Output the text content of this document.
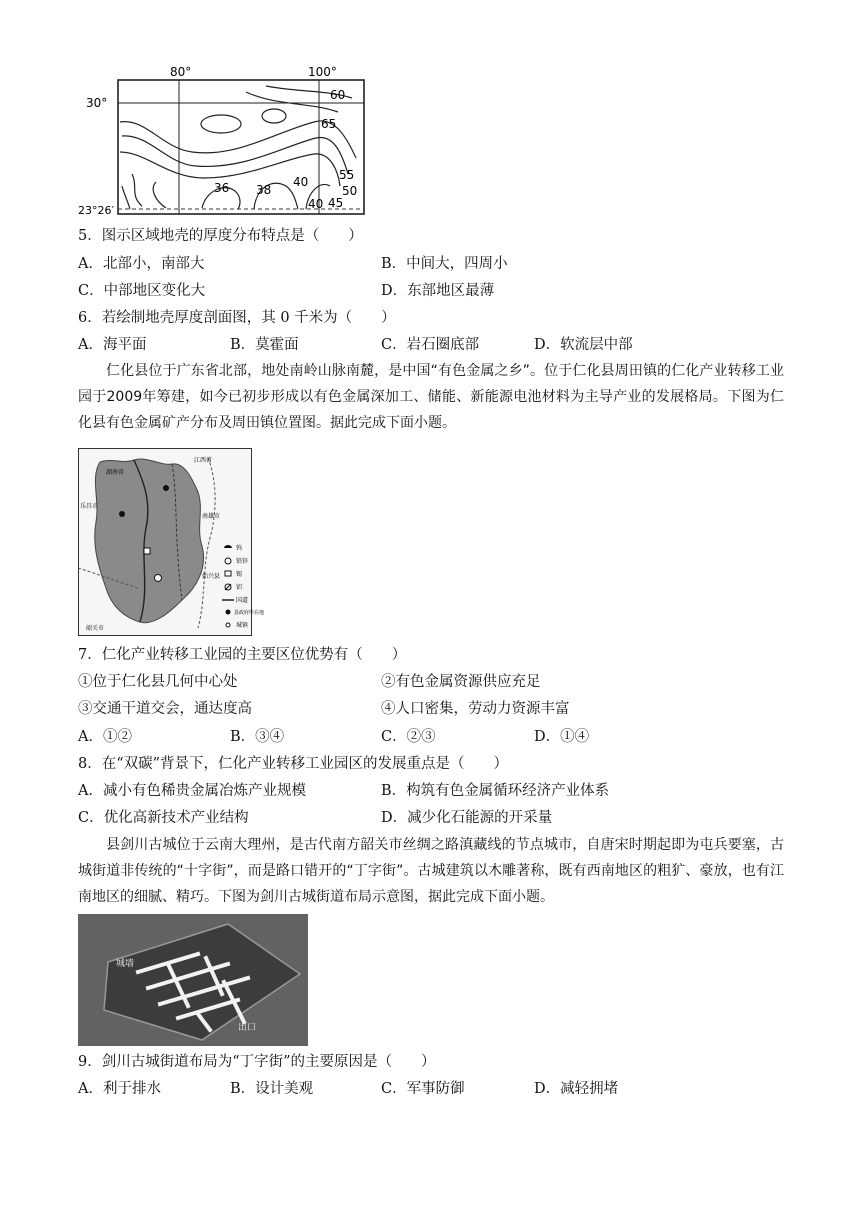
80°	100°
30°
23°26′
60
65
36 38
40	55
50
45
40
5．图示区域地壳的厚度分布特点是（　　）
A．北部小，南部大	B．中间大，四周小
C．中部地区变化大	D．东部地区最薄
6．若绘制地壳厚度剖面图，其 0 千米为（　　）
A．海平面	B．莫霍面	C．岩石圈底部	D．软流层中部
仁化县位于广东省北部，地处南岭山脉南麓，是中国“有色金属之乡”。位于仁化县周田镇的仁化产业转移工业园于2009年筹建，如今已初步形成以有色金属深加工、储能、新能源电池材料为主导产业的发展格局。下图为仁化县有色金属矿产分布及周田镇位置图。据此完成下面小题。
江西省
湖南省
乐昌市
南雄市
始兴县
韶关市
钨
铅锌
锡
铝
国道
县政府所在地
城镇
7．仁化产业转移工业园的主要区位优势有（　　）
①位于仁化县几何中心处	②有色金属资源供应充足
③交通干道交会，通达度高	④人口密集，劳动力资源丰富
A．①②	B．③④	C．②③	D．①④
8．在“双碳”背景下，仁化产业转移工业园区的发展重点是（　　）
A．减小有色稀贵金属冶炼产业规模	B．构筑有色金属循环经济产业体系
C．优化高新技术产业结构	D．减少化石能源的开采量
县剑川古城位于云南大理州，是古代南方韶关市丝绸之路滇藏线的节点城市，自唐宋时期起即为屯兵要塞，古城街道非传统的“十字街”，而是路口错开的“丁字街”。古城建筑以木雕著称，既有西南地区的粗犷、豪放，也有江南地区的细腻、精巧。下图为剑川古城街道布局示意图，据此完成下面小题。
城墙
出口
9．剑川古城街道布局为“丁字街”的主要原因是（　　）
A．利于排水	B．设计美观	C．军事防御	D．减轻拥堵
